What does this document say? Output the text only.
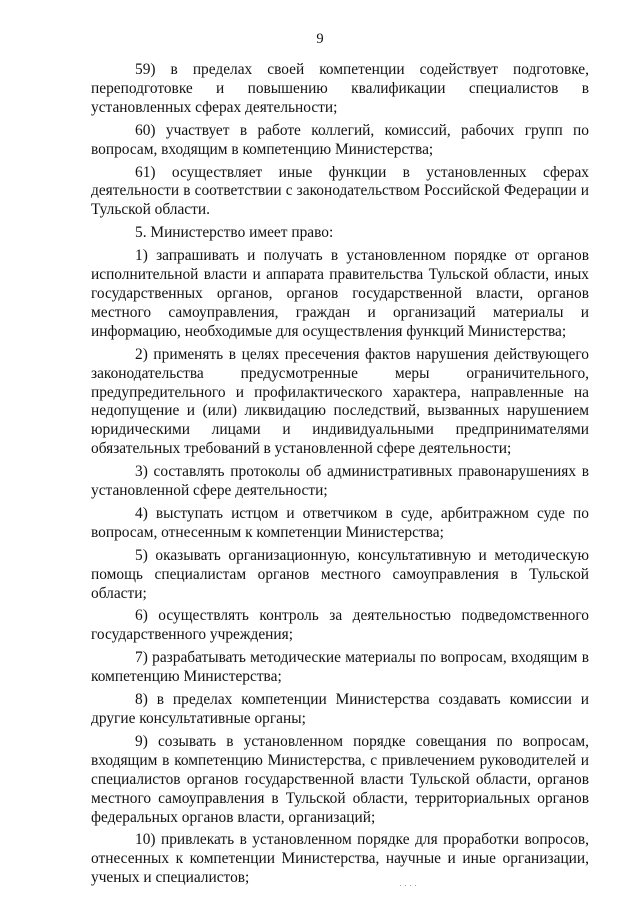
9

59) в пределах своей компетенции содействует подготовке, переподготовке и повышению квалификации специалистов в установленных сферах деятельности;

60) участвует в работе коллегий, комиссий, рабочих групп по вопросам, входящим в компетенцию Министерства;

61) осуществляет иные функции в установленных сферах деятельности в соответствии с законодательством Российской Федерации и Тульской области.

5. Министерство имеет право:

1) запрашивать и получать в установленном порядке от органов исполнительной власти и аппарата правительства Тульской области, иных государственных органов, органов государственной власти, органов местного самоуправления, граждан и организаций материалы и информацию, необходимые для осуществления функций Министерства;

2) применять в целях пресечения фактов нарушения действующего законодательства предусмотренные меры ограничительного, предупредительного и профилактического характера, направленные на недопущение и (или) ликвидацию последствий, вызванных нарушением юридическими лицами и индивидуальными предпринимателями обязательных требований в установленной сфере деятельности;

3) составлять протоколы об административных правонарушениях в установленной сфере деятельности;

4) выступать истцом и ответчиком в суде, арбитражном суде по вопросам, отнесенным к компетенции Министерства;

5) оказывать организационную, консультативную и методическую помощь специалистам органов местного самоуправления в Тульской области;

6) осуществлять контроль за деятельностью подведомственного государственного учреждения;

7) разрабатывать методические материалы по вопросам, входящим в компетенцию Министерства;

8) в пределах компетенции Министерства создавать комиссии и другие консультативные органы;

9) созывать в установленном порядке совещания по вопросам, входящим в компетенцию Министерства, с привлечением руководителей и специалистов органов государственной власти Тульской области, органов местного самоуправления в Тульской области, территориальных органов федеральных органов власти, организаций;

10) привлекать в установленном порядке для проработки вопросов, отнесенных к компетенции Министерства, научные и иные организации, ученых и специалистов;
